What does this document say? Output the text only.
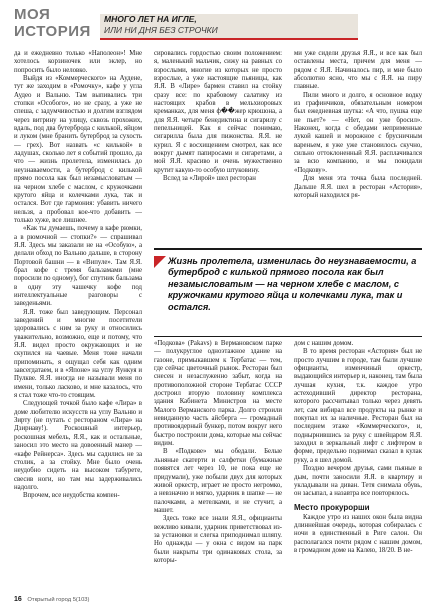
МОЯ ИСТОРИЯ
МНОГО ЛЕТ НА ИГЛЕ,
ИЛИ НИ ДНЯ БЕЗ СТРОЧКИ

да и ежедневно только «Наполеон»! Мне хотелось корзиночек или эклер, но попросить было неловко.

Выйдя из «Коммерческого» на Аудене, тут же заходим в «Ромочку», кафе у угла Аудео и Вальню. Там выпивались три стопки «Особого», но не сразу, а уже не спеша, с задумчивостью и долгим взглядом через витрину на улицу, сквозь прохожих, вдаль, под два бутерброда с килькой, яйцом и луком (мне бранить бутерброд за сухость — грех). Вот назвать «с килькой» в ладушах, сколько лет я событий прошло, да что — жизнь пролетела, изменилась до неузнаваемости, а бутерброд с килькой прямо посола как был незамысловатым — на черном хлебе с маслом, с кружочками крутого яйца и колечками лука, так и остался. Вот где гармония: убавить ничего нельзя, а пробовал кое-что добавить — только хуже, все лишнее.

«Как ты думаешь, почему в кафе рюмки, а в рюмочной — стопки?» — спрашивал Я.Я. Здесь мы заказали не на «Особую», а делали обход по Вальню дальше, в сторону Портовой башни — в «Випуле». Там Я.Я. брал кофе с тремя бальзамами (мне поросили по одному), бог спутник бальзама в одну эту чашечку кофе под интеллектуальные разговоры с заведеньями.

Я.Я. тоже был заведующим. Персонал заведений и многие посетители здоровались с ним за руку и относились уважительно, возможно, еще и потому, что Я.Я. видел просто окружающих и не скупился на чаевые. Меня тоже начали припоминать, я ощущал себя как одним завсегдатаем, и в «Японе» на углу Яункуя и Пулкве. Я.Я. иногда не называли меня по имени, только ласково, и мне казалось, что я стал тоже что-то стоящим.

Следующей точкой было кафе «Лира» в доме любителю искусств на углу Вальню и Зирту (не путать с рестораном «Лира» на Дзирнаву!). Роскошный интерьер, роскошная мебель, Я.Я., как и остальные, заносил это место на довоенный манер — «кафе Рейнерса». Здесь мы садились не за столик, а за стойку. Мне было очень неудобно сидеть на высоком табурете, свесив ноги, но там мы задерживались надолго.

Впрочем, все неудобства компен-

сировались гордостью своим положением: я, маленький мальчик, сижу на равных со взрослыми, многие из которых не просто взрослые, а уже настоящие пьяницы, как Я.Я. В «Лире» бармен ставил на стойку сразу все: по крабовому салатику из настоящих крабов в мельхиоровых креманках, для меня ф��жер крюшона, а для Я.Я. четыре бенедиктина и сигарилу с пепельницей. Как я сейчас понимаю, сигарилла была для пижонства. Я.Я. не курил. Я с восхищением смотрел, как все вокруг дымят папиросами и сигаретами, а мой Я.Я. красиво и очень мужественно крутит какую-то особую штуковину.

Вслед за «Лирой» шел ресторан

ми уже сидели друзья Я.Я., и все как был оставлены места, причем для меня — рядом с Я.Я. Начиналось пир, и мне было абсолютно ясно, что мы с Я.Я. на пиру главные.

Пили много и долго, я основное водку из графинчиков, обязательным номером был ежедневная шутка: «А что, пушка еще не пьет?» — «Нет, он уже бросил». Наконец, когда с обедами неприменные лукой кашей и морожное с брусничным вареньем, я уже уже становилось скучно, сильно оттоклоненный Я.Я. расплачивался за всю компанию, и мы покидали «Подкову».

Для меня эта точка была последней. Дальше Я.Я. шел в ресторан «Астория», который находился ря-

Жизнь пролетела, изменилась до неузнаваемости, а бутерброд с килькой прямого посола как был незамысловатым — на черном хлебе с маслом, с кружочками крутого яйца и колечками лука, так и остался.

«Подкова» (Pakavs) в Вермановском парке — полукруглое одноэтажное здание на газоне, примыкавшем к Тербатас — тем, где сейчас цветочный рынок. Ресторан был снесен и незаслуженно забыт, когда на противоположной стороне Тербатас СССР достроил вторую половину комплекса здания Кабинета Министров на месте Малого Верманского парка. Долго строили невиданную часть айсберга — громадный противоядерный бункер, потом вокруг него быстро построили дома, которые мы сейчас видим.

В «Подкове» мы обедали. Белые льняные скатерти и салфетки (бумажные появятся лет через 10, не пока еще не придумали), уже побыли двух для которых живой оркестр, играет не просто негромко, а невзначно и мягко, ударник в шапке — не палочками, а метелками, и не стучит, а машет.

Здесь тоже все знали Я.Я., официанты вежливо кивали, ударник приветствовал из-за установки и слегка приподнимал шляпу. Но однажды — у окна с видом на парк были накрыты три одинаковых стола, за которы-

дом с нашим домом.

В то время ресторан «Астория» был не просто лучшим в городе, там были лучшие официанты, изменчиный оркестр, выдающийся интерьер и, наконец, там была лучшая кухня, т.к. каждое утро астеходивший директор ресторана, которого рассчитывал только через девять лет, сам вибирал все продукты на рынке и покупал их за наличные. Ресторан был на последнем этаже «Коммерческого», и, поднырнившись за руку с швейцаром Я.Я. заходил в зеркальный лифт с лифтером в форме, предельно поднимал сказал в кулак руку, а я шел домой.

Поздно вечером друзья, сами пьяные в дым, почти заносили Я.Я. в квартиру и укладывали на диван. Тетя снимала обувь, он засыпал, а назавтра все повторялось.

Место прокурорши

Каждое утро из наших окон была видна длиннейшая очередь, которая собиралась с ночи в единственный в Риге салон. Он располагался почти рядом с нашим домом, в громадном доме на Калею, 18/20. В не-

16 Открытый город 5(103)
